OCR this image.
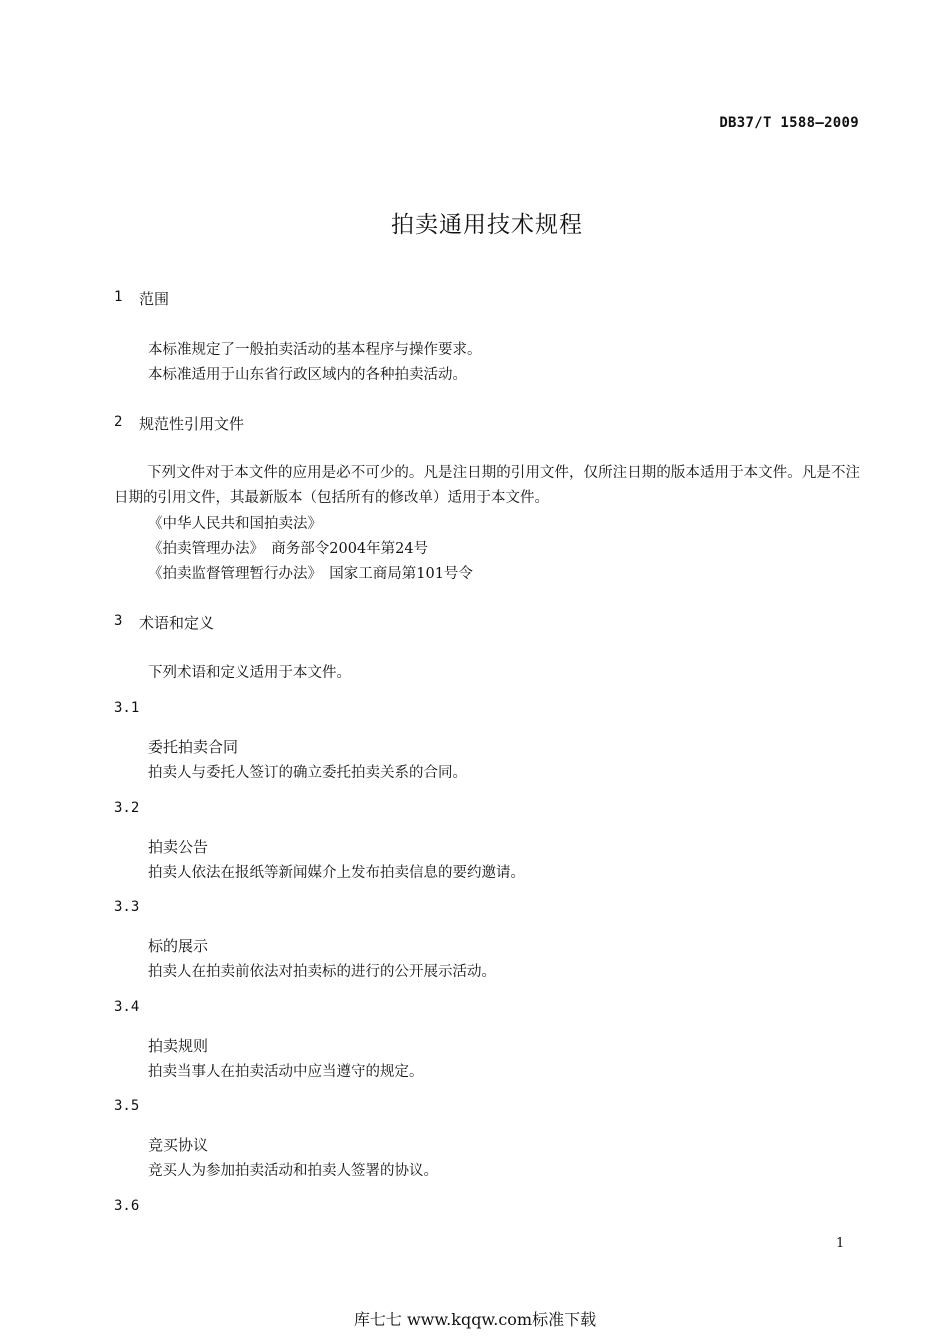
DB37/T 1588—2009
拍卖通用技术规程
1 范围
本标准规定了一般拍卖活动的基本程序与操作要求。
本标准适用于山东省行政区域内的各种拍卖活动。
2 规范性引用文件
下列文件对于本文件的应用是必不可少的。凡是注日期的引用文件，仅所注日期的版本适用于本文件。凡是不注日期的引用文件，其最新版本（包括所有的修改单）适用于本文件。
《中华人民共和国拍卖法》
《拍卖管理办法》　商务部令2004年第24号
《拍卖监督管理暂行办法》　国家工商局第101号令
3 术语和定义
下列术语和定义适用于本文件。
3.1
委托拍卖合同
拍卖人与委托人签订的确立委托拍卖关系的合同。
3.2
拍卖公告
拍卖人依法在报纸等新闻媒介上发布拍卖信息的要约邀请。
3.3
标的展示
拍卖人在拍卖前依法对拍卖标的进行的公开展示活动。
3.4
拍卖规则
拍卖当事人在拍卖活动中应当遵守的规定。
3.5
竞买协议
竞买人为参加拍卖活动和拍卖人签署的协议。
3.6
1
库七七 www.kqqw.com标准下载
